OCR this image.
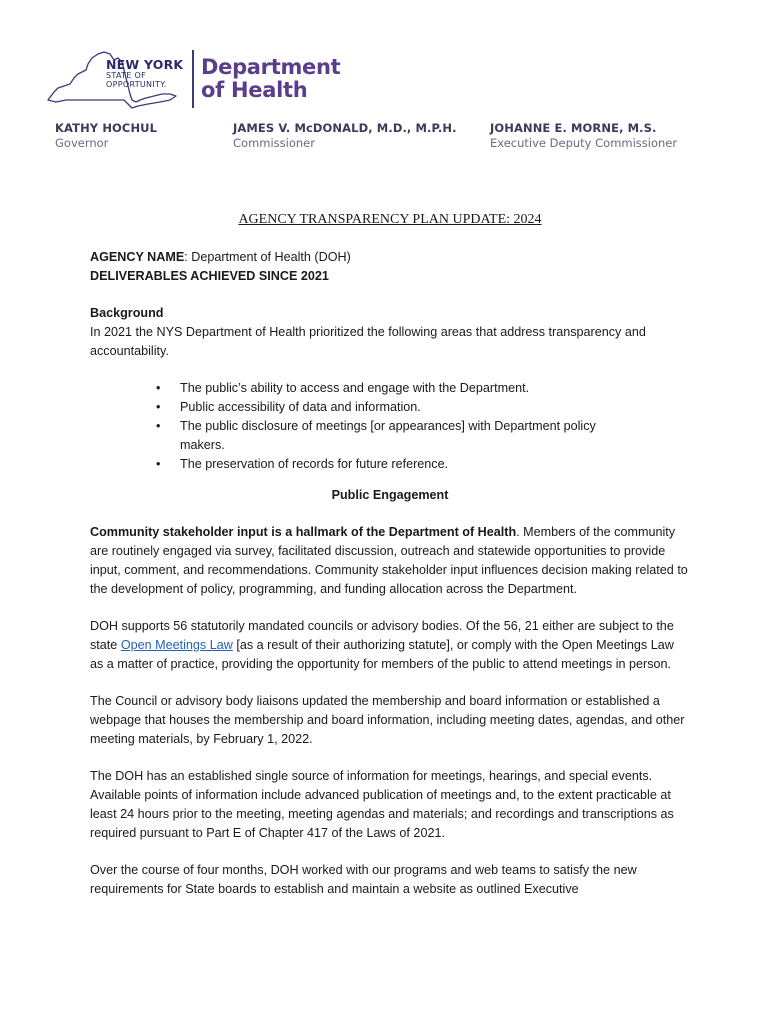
NEW YORK
STATE OF
OPPORTUNITY.
Department
of Health
KATHY HOCHUL
Governor
JAMES V. McDONALD, M.D., M.P.H.
Commissioner
JOHANNE E. MORNE, M.S.
Executive Deputy Commissioner
AGENCY TRANSPARENCY PLAN UPDATE: 2024

AGENCY NAME: Department of Health (DOH)

DELIVERABLES ACHIEVED SINCE 2021

Background

In 2021 the NYS Department of Health prioritized the following areas that address transparency and accountability.

• The public’s ability to access and engage with the Department.
• Public accessibility of data and information.
• The public disclosure of meetings [or appearances] with Department policy makers.
• The preservation of records for future reference.

Public Engagement

Community stakeholder input is a hallmark of the Department of Health. Members of the community are routinely engaged via survey, facilitated discussion, outreach and statewide opportunities to provide input, comment, and recommendations. Community stakeholder input influences decision making related to the development of policy, programming, and funding allocation across the Department.

DOH supports 56 statutorily mandated councils or advisory bodies. Of the 56, 21 either are subject to the state Open Meetings Law [as a result of their authorizing statute], or comply with the Open Meetings Law as a matter of practice, providing the opportunity for members of the public to attend meetings in person.

The Council or advisory body liaisons updated the membership and board information or established a webpage that houses the membership and board information, including meeting dates, agendas, and other meeting materials, by February 1, 2022.

The DOH has an established single source of information for meetings, hearings, and special events. Available points of information include advanced publication of meetings and, to the extent practicable at least 24 hours prior to the meeting, meeting agendas and materials; and recordings and transcriptions as required pursuant to Part E of Chapter 417 of the Laws of 2021.

Over the course of four months, DOH worked with our programs and web teams to satisfy the new requirements for State boards to establish and maintain a website as outlined Executive
